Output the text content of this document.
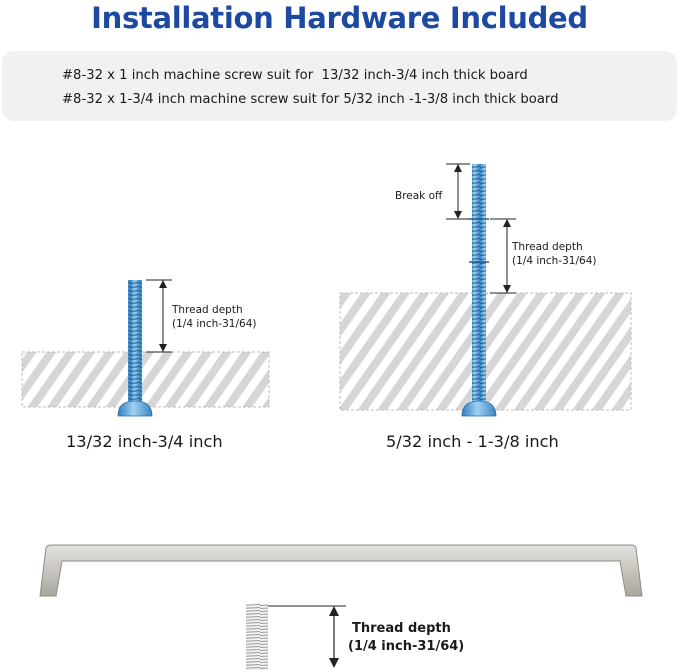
Installation Hardware Included
#8-32 x 1 inch machine screw suit for  13/32 inch-3/4 inch thick board
#8-32 x 1-3/4 inch machine screw suit for 5/32 inch -1-3/8 inch thick board
Thread depth
(1/4 inch-31/64)
13/32 inch-3/4 inch
Break off
Thread depth
(1/4 inch-31/64)
5/32 inch - 1-3/8 inch
Thread depth
(1/4 inch-31/64)
